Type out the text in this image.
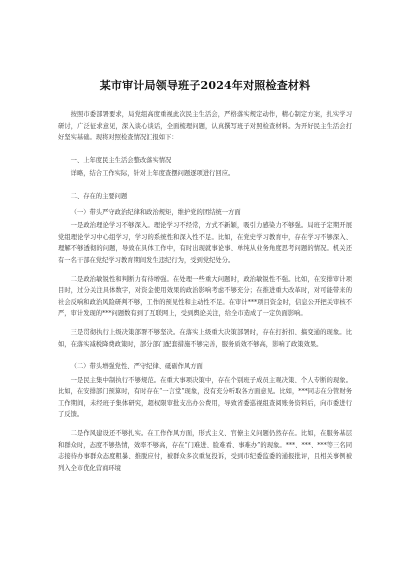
某市审计局领导班子2024年对照检查材料

按照市委部署要求，局党组高度重视此次民主生活会，严格落实规定动作，精心制定方案，扎实学习研讨，广泛征求意见，深入谈心谈话，全面梳理问题，认真撰写班子对照检查材料。为开好民主生活会打好坚实基础。现将对照检查情况汇报如下：

一、上年度民主生活会整改落实情况

详略，结合工作实际，针对上年度查摆问题逐项进行回应。

二、存在的主要问题

（一）带头严守政治纪律和政治规矩，维护党的团结统一方面

一是政治理论学习不够深入。理论学习不经常，方式不新颖，吸引力感染力不够强。局班子定期开展党组理论学习中心组学习，学习的系统性和深入性不足。比如，在党史学习教育中，存在学习不够深入、理解不够透彻的问题，导致在具体工作中，有时出现就事论事、单纯从业务角度思考问题的情况。机关还有一名干部在党纪学习教育期间发生违纪行为，受到党纪处分。

二是政治敏锐性和判断力有待增强。在处理一些重大问题时，政治敏锐性不强。比如，在安排审计项目时，过分关注具体数字，对资金使用效果的政治影响考虑不够充分；在推进重大改革时，对可能带来的社会反响和政治风险研判不够，工作的预见性和主动性不足。在审计***项目资金时，信息公开把关审核不严，审计发现的***问题数有到了互联网上，受到舆论关注，给全市造成了一定负面影响。

三是贯彻执行上级决策部署不够坚决。在落实上级重大决策部署时，存在打折扣、搞变通的现象。比如，在落实减税降费政策时，部分部门配套措施不够完善，服务质效不够高，影响了政策效果。

（二）带头增强党性、严守纪律、砥砺作风方面

一是民主集中制执行不够规范。在重大事项决策中，存在个别班子成员主观决策、个人专断的现象。比如，在安排部门预算时，有时存在“一言堂”现象，没有充分听取各方面意见。比如，***同志在分管财务工作期间，未经班子集体研究，超权限审批支出办公费用，导致省委巡视组查阅账务资料后，向市委进行了反馈。

二是作风建设还不够扎实。在工作作风方面，形式主义、官僚主义问题仍然存在。比如，在服务基层和群众时，态度不够热情，效率不够高，存在“门难进、脸难看、事难办”的现象。***、***、***等三名同志接待办事群众态度粗暴、推脱应付，被群众多次重复投诉，受到市纪委监委的通报批评，且相关事例被列入全市优化营商环境
